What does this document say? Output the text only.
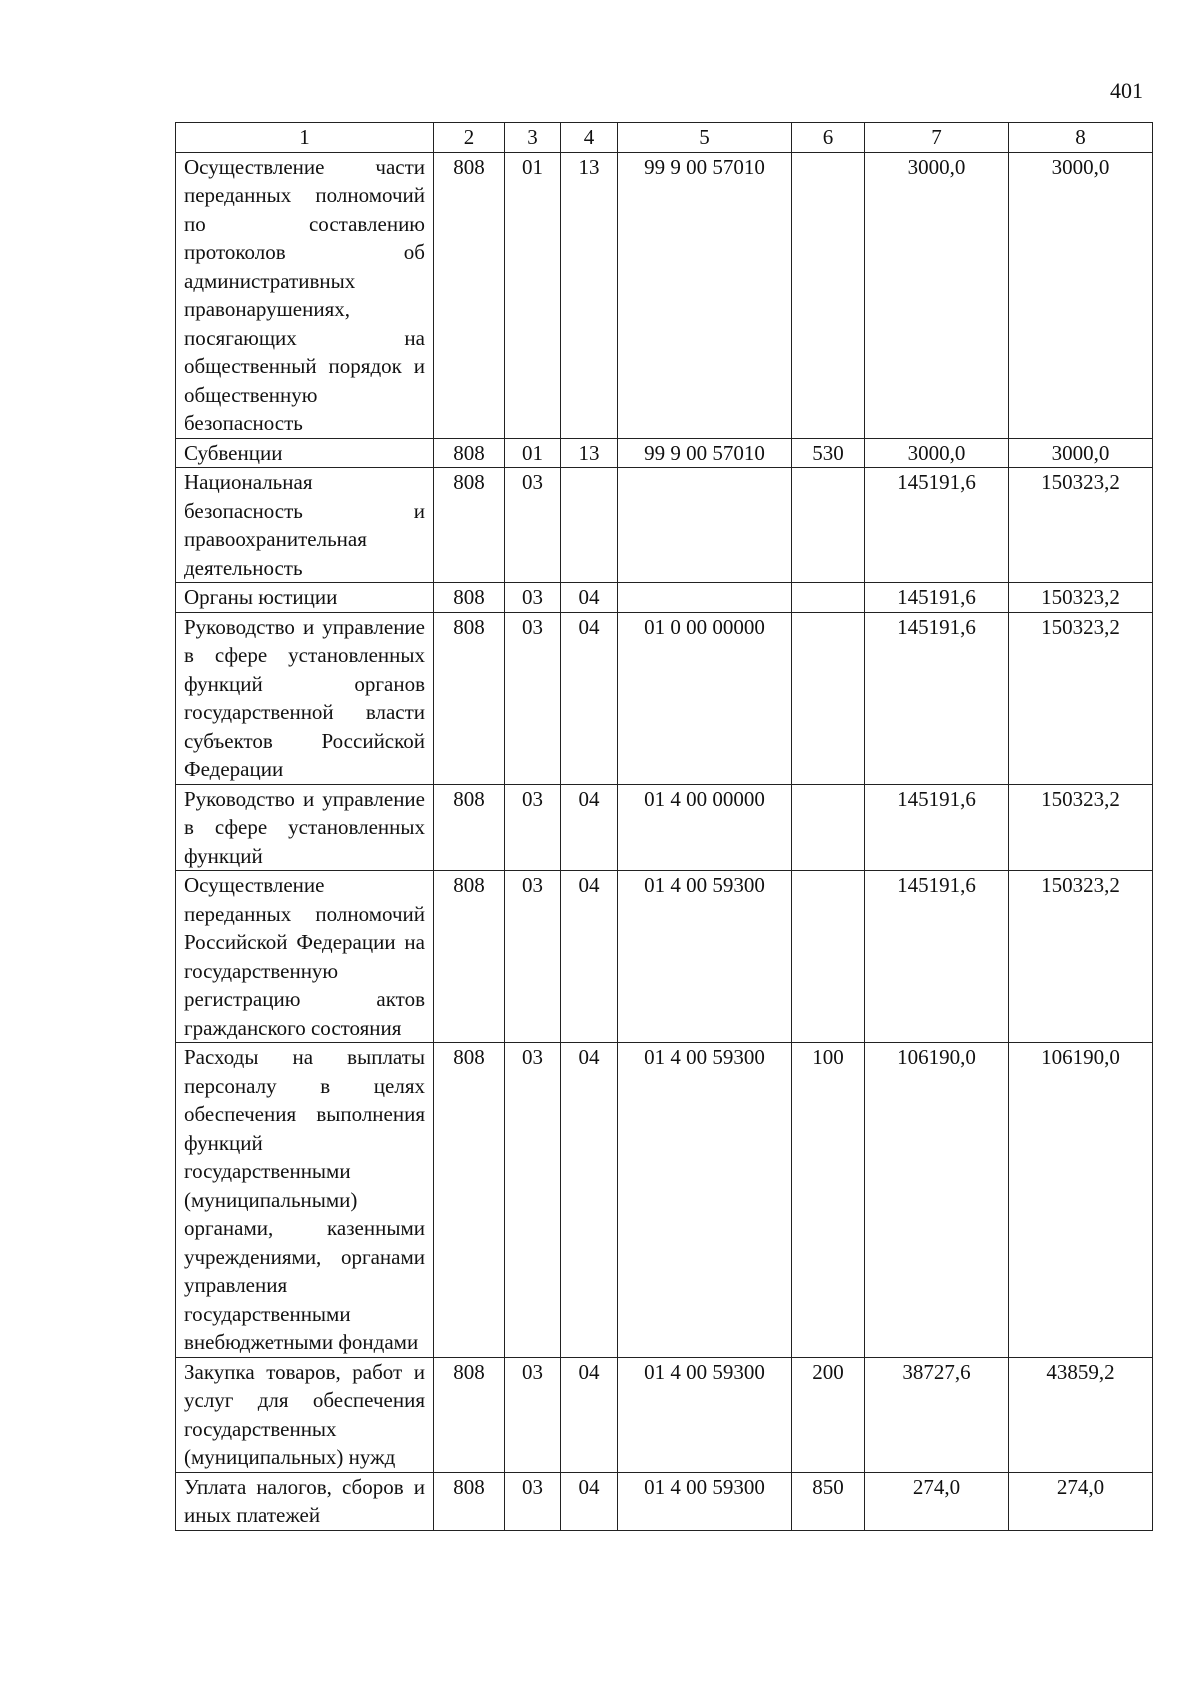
401
1	2	3	4	5	6	7	8
Осуществление части переданных полномочий по составлению протоколов об административных правонарушениях, посягающих на общественный порядок и общественную безопасность	808	01	13	99 9 00 57010		3000,0	3000,0
Субвенции	808	01	13	99 9 00 57010	530	3000,0	3000,0
Национальная безопасность и правоохранительная деятельность	808	03				145191,6	150323,2
Органы юстиции	808	03	04			145191,6	150323,2
Руководство и управление в сфере установленных функций органов государственной власти субъектов Российской Федерации	808	03	04	01 0 00 00000		145191,6	150323,2
Руководство и управление в сфере установленных функций	808	03	04	01 4 00 00000		145191,6	150323,2
Осуществление переданных полномочий Российской Федерации на государственную регистрацию актов гражданского состояния	808	03	04	01 4 00 59300		145191,6	150323,2
Расходы на выплаты персоналу в целях обеспечения выполнения функций государственными (муниципальными) органами, казенными учреждениями, органами управления государственными внебюджетными фондами	808	03	04	01 4 00 59300	100	106190,0	106190,0
Закупка товаров, работ и услуг для обеспечения государственных (муниципальных) нужд	808	03	04	01 4 00 59300	200	38727,6	43859,2
Уплата налогов, сборов и иных платежей	808	03	04	01 4 00 59300	850	274,0	274,0
